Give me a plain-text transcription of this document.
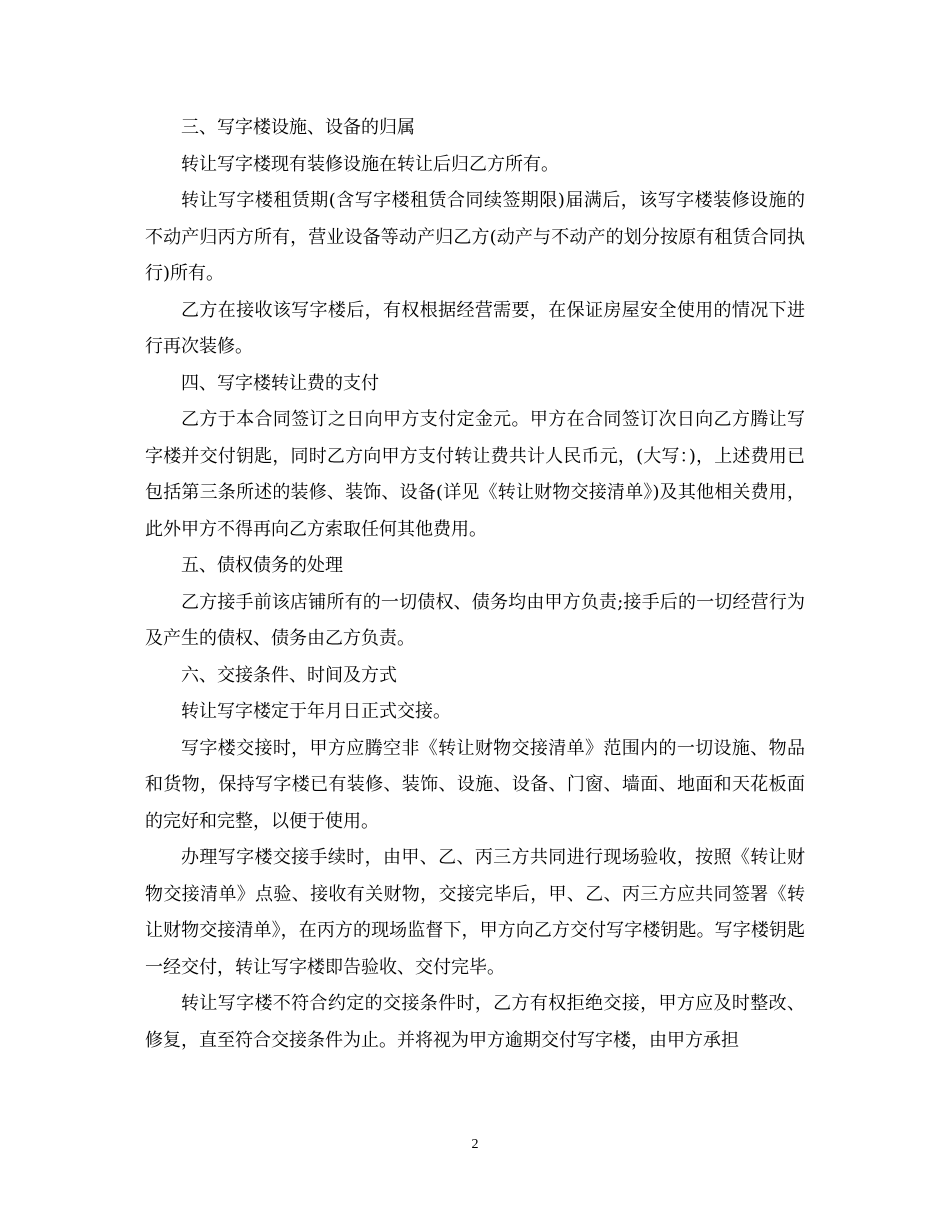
三、写字楼设施、设备的归属

转让写字楼现有装修设施在转让后归乙方所有。

转让写字楼租赁期(含写字楼租赁合同续签期限)届满后，该写字楼装修设施的不动产归丙方所有，营业设备等动产归乙方(动产与不动产的划分按原有租赁合同执行)所有。

乙方在接收该写字楼后，有权根据经营需要，在保证房屋安全使用的情况下进行再次装修。

四、写字楼转让费的支付

乙方于本合同签订之日向甲方支付定金元。甲方在合同签订次日向乙方腾让写字楼并交付钥匙，同时乙方向甲方支付转让费共计人民币元，(大写：)，上述费用已包括第三条所述的装修、装饰、设备(详见《转让财物交接清单》)及其他相关费用，此外甲方不得再向乙方索取任何其他费用。

五、债权债务的处理

乙方接手前该店铺所有的一切债权、债务均由甲方负责;接手后的一切经营行为及产生的债权、债务由乙方负责。

六、交接条件、时间及方式

转让写字楼定于年月日正式交接。

写字楼交接时，甲方应腾空非《转让财物交接清单》范围内的一切设施、物品和货物，保持写字楼已有装修、装饰、设施、设备、门窗、墙面、地面和天花板面的完好和完整，以便于使用。

办理写字楼交接手续时，由甲、乙、丙三方共同进行现场验收，按照《转让财物交接清单》点验、接收有关财物，交接完毕后，甲、乙、丙三方应共同签署《转让财物交接清单》，在丙方的现场监督下，甲方向乙方交付写字楼钥匙。写字楼钥匙一经交付，转让写字楼即告验收、交付完毕。

转让写字楼不符合约定的交接条件时，乙方有权拒绝交接，甲方应及时整改、修复，直至符合交接条件为止。并将视为甲方逾期交付写字楼，由甲方承担

2
